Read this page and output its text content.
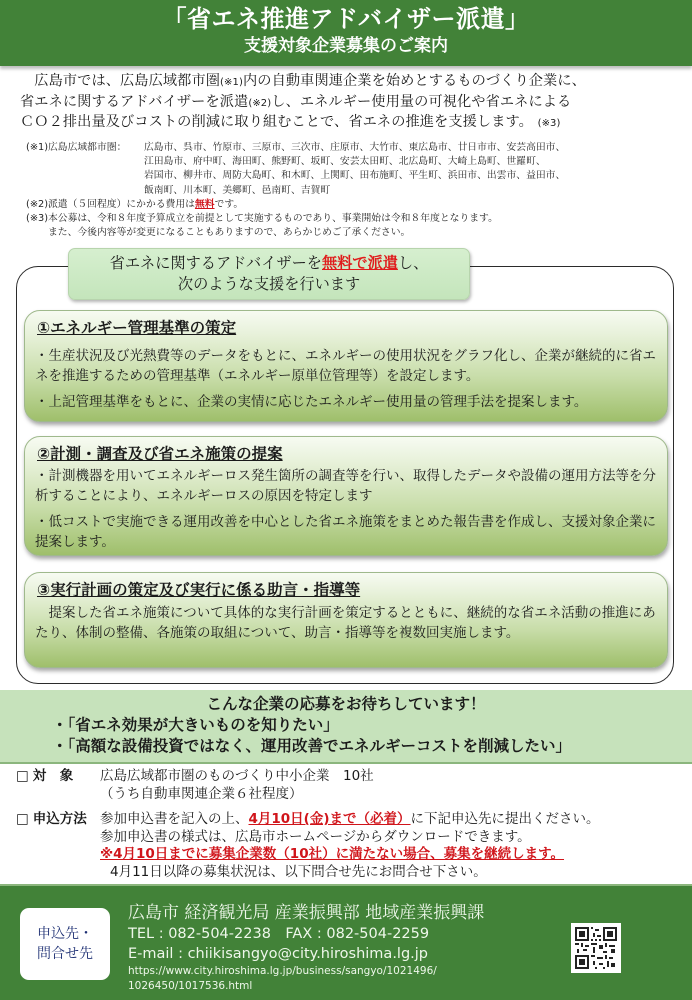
「省エネ推進アドバイザー派遣」
支援対象企業募集のご案内
　広島市では、広島広域都市圏(※1)内の自動車関連企業を始めとするものづくり企業に、
省エネに関するアドバイザーを派遣(※2)し、エネルギー使用量の可視化や省エネによる
ＣＯ２排出量及びコストの削減に取り組むことで、省エネの推進を支援します。 (※3)
(※1) 広島広域都市圏：	広島市、呉市、竹原市、三原市、三次市、庄原市、大竹市、東広島市、廿日市市、安芸高田市、
江田島市、府中町、海田町、熊野町、坂町、安芸太田町、北広島町、大崎上島町、世羅町、
岩国市、柳井市、周防大島町、和木町、上関町、田布施町、平生町、浜田市、出雲市、益田市、
飯南町、川本町、美郷町、邑南町、吉賀町
(※2) 派遣（５回程度）にかかる費用は無料です。
(※3) 本公募は、令和８年度予算成立を前提として実施するものであり、事業開始は令和８年度となります。
また、今後内容等が変更になることもありますので、あらかじめご了承ください。
省エネに関するアドバイザーを無料で派遣し、
次のような支援を行います
①エネルギー管理基準の策定
・生産状況及び光熱費等のデータをもとに、エネルギーの使用状況をグラフ化し、企業が継続的に省エネを推進するための管理基準（エネルギー原単位管理等）を設定します。
・上記管理基準をもとに、企業の実情に応じたエネルギー使用量の管理手法を提案します。
②計測・調査及び省エネ施策の提案
・計測機器を用いてエネルギーロス発生箇所の調査等を行い、取得したデータや設備の運用方法等を分析することにより、エネルギーロスの原因を特定します
・低コストで実施できる運用改善を中心とした省エネ施策をまとめた報告書を作成し、支援対象企業に提案します。
③実行計画の策定及び実行に係る助言・指導等
提案した省エネ施策について具体的な実行計画を策定するとともに、継続的な省エネ活動の推進にあたり、体制の整備、各施策の取組について、助言・指導等を複数回実施します。
こんな企業の応募をお待ちしています！
・「省エネ効果が大きいものを知りたい」
・「高額な設備投資ではなく、運用改善でエネルギーコストを削減したい」
□ 対　象	広島広域都市圏のものづくり中小企業　10社
（うち自動車関連企業６社程度）
□ 申込方法 参加申込書を記入の上、4月10日(金)まで（必着）に下記申込先に提出ください。
参加申込書の様式は、広島市ホームページからダウンロードできます。
※4月10日までに募集企業数（10社）に満たない場合、募集を継続します。
4月11日以降の募集状況は、以下問合せ先にお問合せ下さい。
申込先・
問合せ先
広島市 経済観光局 産業振興部 地域産業振興課
TEL : 082-504-2238　FAX : 082-504-2259
E-mail : chiikisangyo@city.hiroshima.lg.jp
https://www.city.hiroshima.lg.jp/business/sangyo/1021496/
1026450/1017536.html
